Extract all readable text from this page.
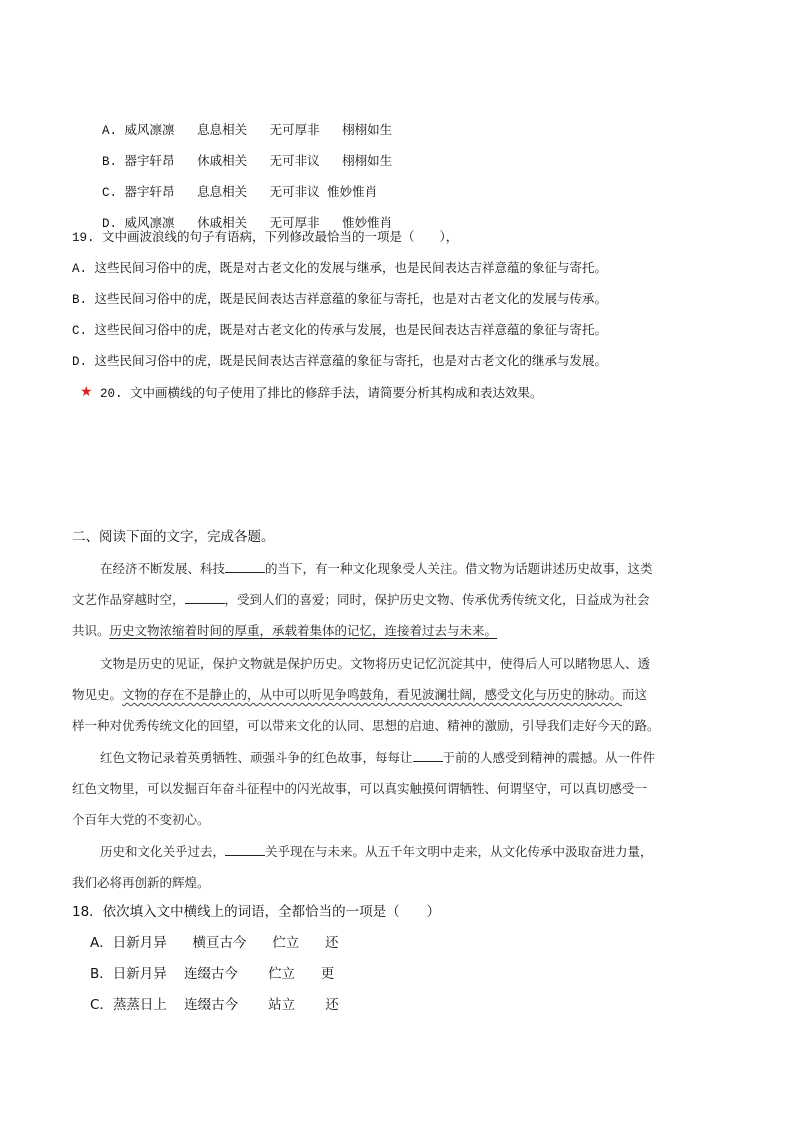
A. 威风凛凛 息息相关 无可厚非 栩栩如生

B. 器宇轩昂 休戚相关 无可非议 栩栩如生

C. 器宇轩昂 息息相关 无可非议 惟妙惟肖

D. 威风凛凛 休戚相关 无可厚非 惟妙惟肖

19. 文中画波浪线的句子有语病，下列修改最恰当的一项是（　　），
A. 这些民间习俗中的虎，既是对古老文化的发展与继承，也是民间表达吉祥意蕴的象征与寄托。
B. 这些民间习俗中的虎，既是民间表达吉祥意蕴的象征与寄托，也是对古老文化的发展与传承。
C. 这些民间习俗中的虎，既是对古老文化的传承与发展，也是民间表达吉祥意蕴的象征与寄托。
D. 这些民间习俗中的虎，既是民间表达吉祥意蕴的象征与寄托，也是对古老文化的继承与发展。
★ 20. 文中画横线的句子使用了排比的修辞手法，请简要分析其构成和表达效果。
二、阅读下面的文字，完成各题。
在经济不断发展、科技	的当下，有一种文化现象受人关注。借文物为话题讲述历史故事，这类
文艺作品穿越时空，	，受到人们的喜爱；同时，保护历史文物、传承优秀传统文化，日益成为社会
共识。历史文物浓缩着时间的厚重，承载着集体的记忆，连接着过去与未来。
文物是历史的见证，保护文物就是保护历史。文物将历史记忆沉淀其中，使得后人可以睹物思人、透
物见史。文物的存在不是静止的，从中可以听见争鸣鼓角，看见波澜壮阔，感受文化与历史的脉动。而这
样一种对优秀传统文化的回望，可以带来文化的认同、思想的启迪、精神的激励，引导我们走好今天的路。
红色文物记录着英勇牺牲、顽强斗争的红色故事，每每让 于前的人感受到精神的震撼。从一件件
红色文物里，可以发掘百年奋斗征程中的闪光故事，可以真实触摸何谓牺牲、何谓坚守，可以真切感受一
个百年大党的不变初心。
历史和文化关乎过去，	关乎现在与未来。从五千年文明中走来，从文化传承中汲取奋进力量，
我们必将再创新的辉煌。
18．依次填入文中横线上的词语，全都恰当的一项是（　　）
A．日新月异 横亘古今 伫立 还
B．日新月异 连缀古今 伫立 更
C．蒸蒸日上 连缀古今 站立 还
